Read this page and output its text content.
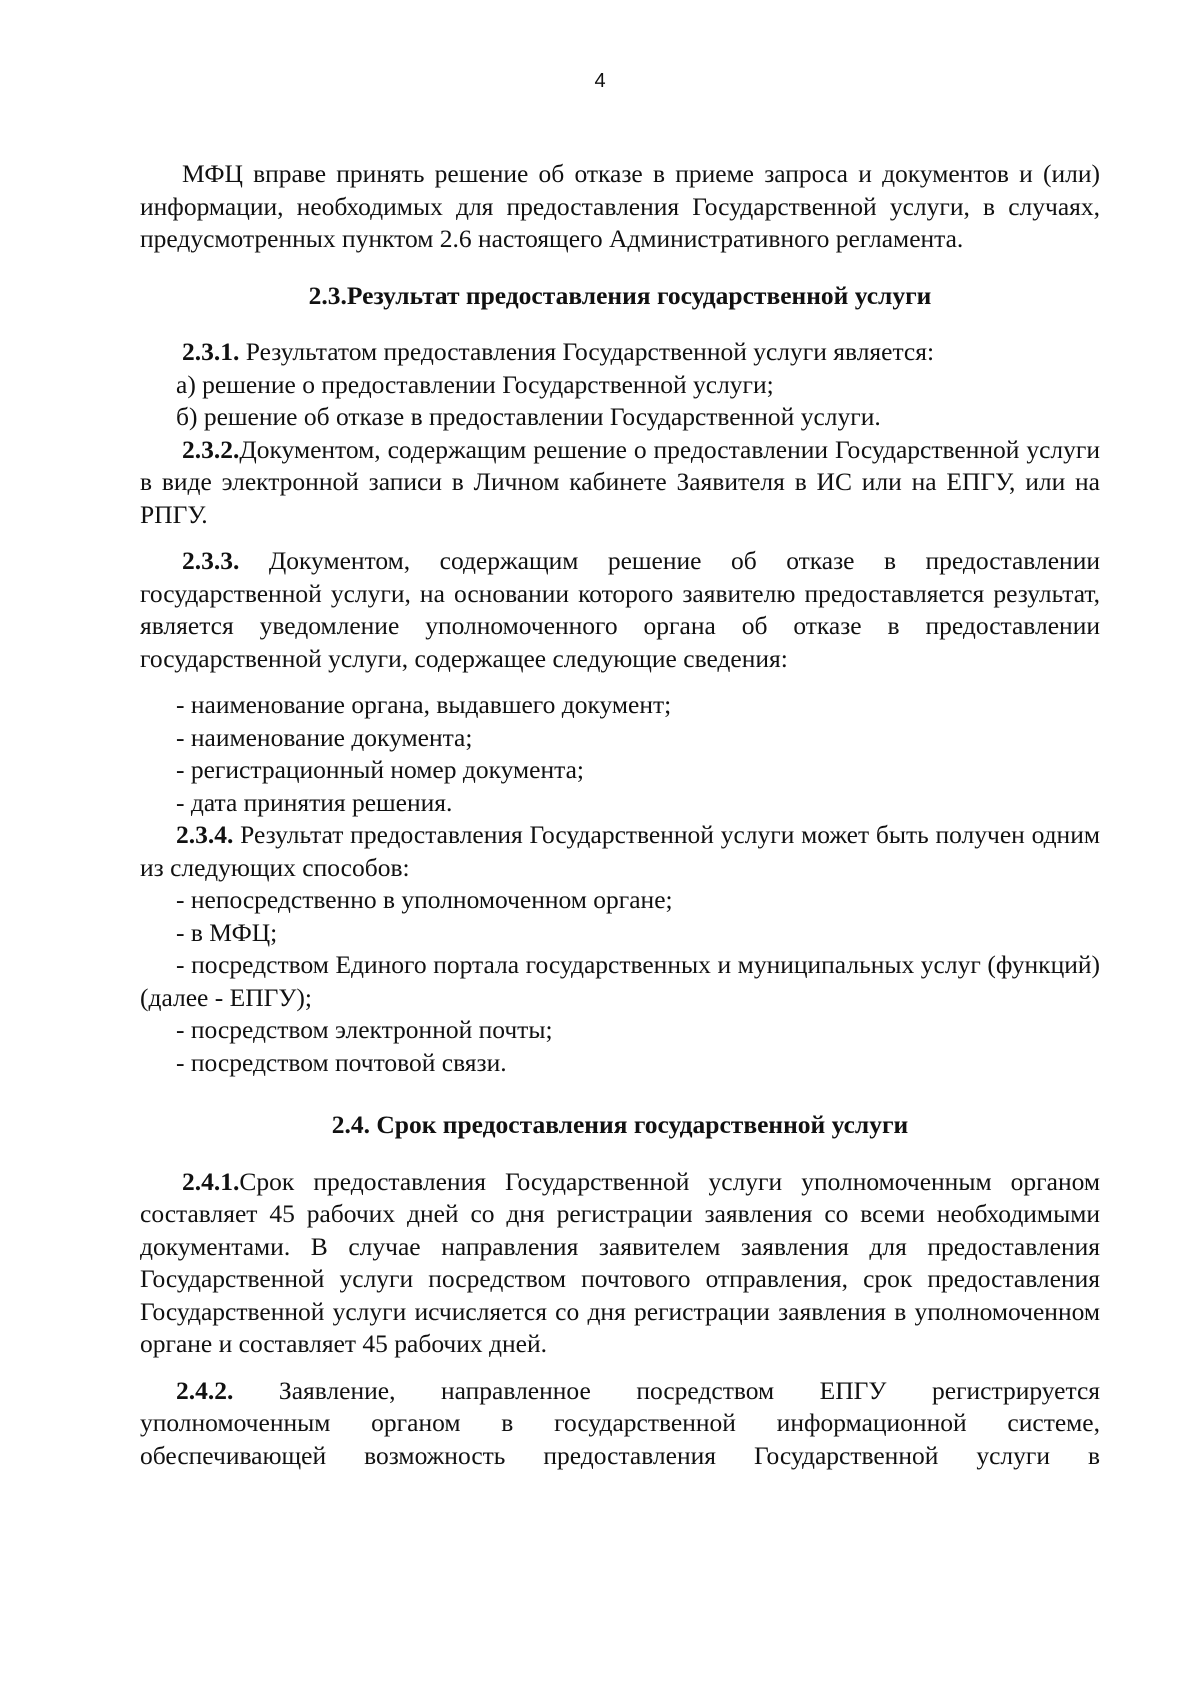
4

МФЦ вправе принять решение об отказе в приеме запроса и документов и (или) информации, необходимых для предоставления Государственной услуги, в случаях, предусмотренных пунктом 2.6 настоящего Административного регламента.

2.3.Результат предоставления государственной услуги

2.3.1. Результатом предоставления Государственной услуги является:

а) решение о предоставлении Государственной услуги;

б) решение об отказе в предоставлении Государственной услуги.

2.3.2.Документом, содержащим решение о предоставлении Государственной услуги в виде электронной записи в Личном кабинете Заявителя в ИС или на ЕПГУ, или на РПГУ.

2.3.3. Документом, содержащим решение об отказе в предоставлении государственной услуги, на основании которого заявителю предоставляется результат, является уведомление уполномоченного органа об отказе в предоставлении государственной услуги, содержащее следующие сведения:

- наименование органа, выдавшего документ;

- наименование документа;

- регистрационный номер документа;

- дата принятия решения.

2.3.4. Результат предоставления Государственной услуги может быть получен одним из следующих способов:

- непосредственно в уполномоченном органе;

- в МФЦ;

- посредством Единого портала государственных и муниципальных услуг (функций) (далее - ЕПГУ);

- посредством электронной почты;

- посредством почтовой связи.

2.4. Срок предоставления государственной услуги

2.4.1.Срок предоставления Государственной услуги уполномоченным органом составляет 45 рабочих дней со дня регистрации заявления со всеми необходимыми документами. В случае направления заявителем заявления для предоставления Государственной услуги посредством почтового отправления, срок предоставления Государственной услуги исчисляется со дня регистрации заявления в уполномоченном органе и составляет 45 рабочих дней.

2.4.2. Заявление, направленное посредством ЕПГУ регистрируется уполномоченным органом в государственной информационной системе, обеспечивающей возможность предоставления Государственной услуги в
